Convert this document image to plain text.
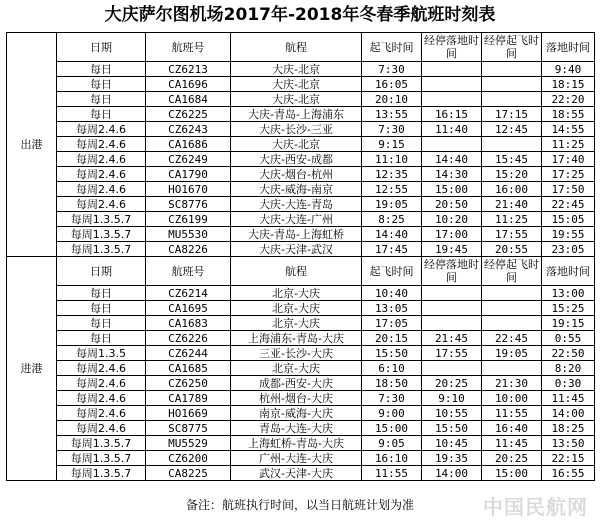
大庆萨尔图机场2017年-2018年冬春季航班时刻表
出港	日期	航班号	航程	起飞时间	经停落地时间	经停起飞时间	落地时间
	每日	CZ6213	大庆-北京	7:30			9:40
	每日	CA1696	大庆-北京	16:05			18:15
	每日	CA1684	大庆-北京	20:10			22:20
	每日	CZ6225	大庆-青岛-上海浦东	13:55	16:15	17:15	18:55
	每周2.4.6	CZ6243	大庆-长沙-三亚	7:30	11:40	12:45	14:55
	每周2.4.6	CA1686	大庆-北京	9:15			11:25
	每周2.4.6	CZ6249	大庆-西安-成都	11:10	14:40	15:45	17:40
	每周2.4.6	CA1790	大庆-烟台-杭州	12:35	14:30	15:20	17:25
	每周2.4.6	HO1670	大庆-威海-南京	12:55	15:00	16:00	17:50
	每周2.4.6	SC8776	大庆-大连-青岛	19:05	20:50	21:40	22:45
	每周1.3.5.7	CZ6199	大庆-大连-广州	8:25	10:20	11:25	15:05
	每周1.3.5.7	MU5530	大庆-青岛-上海虹桥	14:40	17:00	17:55	19:55
	每周1.3.5.7	CA8226	大庆-天津-武汉	17:45	19:45	20:55	23:05
进港	日期	航班号	航程	起飞时间	经停落地时间	经停起飞时间	落地时间
	每日	CZ6214	北京-大庆	10:40			13:00
	每日	CA1695	北京-大庆	13:05			15:25
	每日	CA1683	北京-大庆	17:05			19:15
	每日	CZ6226	上海浦东-青岛-大庆	20:15	21:45	22:45	0:55
	每周1.3.5	CZ6244	三亚-长沙-大庆	15:50	17:55	19:05	22:50
	每周2.4.6	CA1685	北京-大庆	6:10			8:20
	每周2.4.6	CZ6250	成都-西安-大庆	18:50	20:25	21:30	0:30
	每周2.4.6	CA1789	杭州-烟台-大庆	7:30	9:10	10:00	11:45
	每周2.4.6	HO1669	南京-威海-大庆	9:00	10:55	11:55	14:00
	每周2.4.6	SC8775	青岛-大连-大庆	15:00	15:50	16:40	18:25
	每周1.3.5.7	MU5529	上海虹桥-青岛-大庆	9:05	10:45	11:45	13:50
	每周1.3.5.7	CZ6200	广州-大连-大庆	16:10	19:35	20:25	22:15
	每周1.3.5.7	CA8225	武汉-天津-大庆	11:55	14:00	15:00	16:55
备注：航班执行时间，以当日航班计划为准	中国民航网
